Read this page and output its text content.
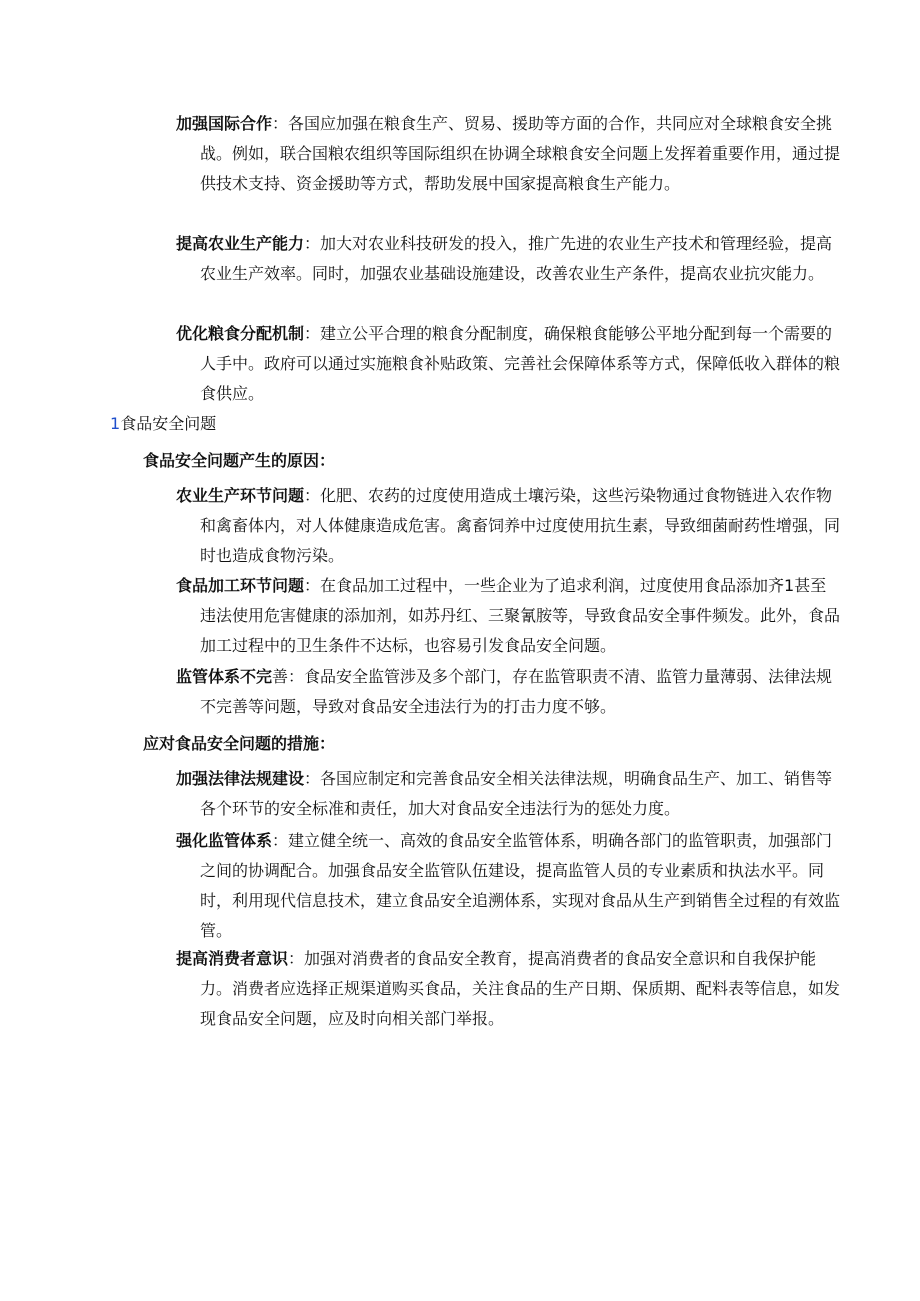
加强国际合作：各国应加强在粮食生产、贸易、援助等方面的合作，共同应对全球粮食安全挑战。例如，联合国粮农组织等国际组织在协调全球粮食安全问题上发挥着重要作用，通过提供技术支持、资金援助等方式，帮助发展中国家提高粮食生产能力。
提高农业生产能力：加大对农业科技研发的投入，推广先进的农业生产技术和管理经验，提高农业生产效率。同时，加强农业基础设施建设，改善农业生产条件，提高农业抗灾能力。
优化粮食分配机制：建立公平合理的粮食分配制度，确保粮食能够公平地分配到每一个需要的人手中。政府可以通过实施粮食补贴政策、完善社会保障体系等方式，保障低收入群体的粮食供应。
1食品安全问题
食品安全问题产生的原因：
农业生产环节问题：化肥、农药的过度使用造成土壤污染，这些污染物通过食物链进入农作物和禽畜体内，对人体健康造成危害。禽畜饲养中过度使用抗生素，导致细菌耐药性增强，同时也造成食物污染。
食品加工环节问题：在食品加工过程中，一些企业为了追求利润，过度使用食品添加齐1甚至违法使用危害健康的添加剂，如苏丹红、三聚氰胺等，导致食品安全事件频发。此外，食品加工过程中的卫生条件不达标，也容易引发食品安全问题。
监管体系不完善：食品安全监管涉及多个部门，存在监管职责不清、监管力量薄弱、法律法规不完善等问题，导致对食品安全违法行为的打击力度不够。
应对食品安全问题的措施：
加强法律法规建设：各国应制定和完善食品安全相关法律法规，明确食品生产、加工、销售等各个环节的安全标准和责任，加大对食品安全违法行为的惩处力度。
强化监管体系：建立健全统一、高效的食品安全监管体系，明确各部门的监管职责，加强部门之间的协调配合。加强食品安全监管队伍建设，提高监管人员的专业素质和执法水平。同时，利用现代信息技术，建立食品安全追溯体系，实现对食品从生产到销售全过程的有效监管。
提高消费者意识：加强对消费者的食品安全教育，提高消费者的食品安全意识和自我保护能力。消费者应选择正规渠道购买食品，关注食品的生产日期、保质期、配料表等信息，如发现食品安全问题，应及时向相关部门举报。
